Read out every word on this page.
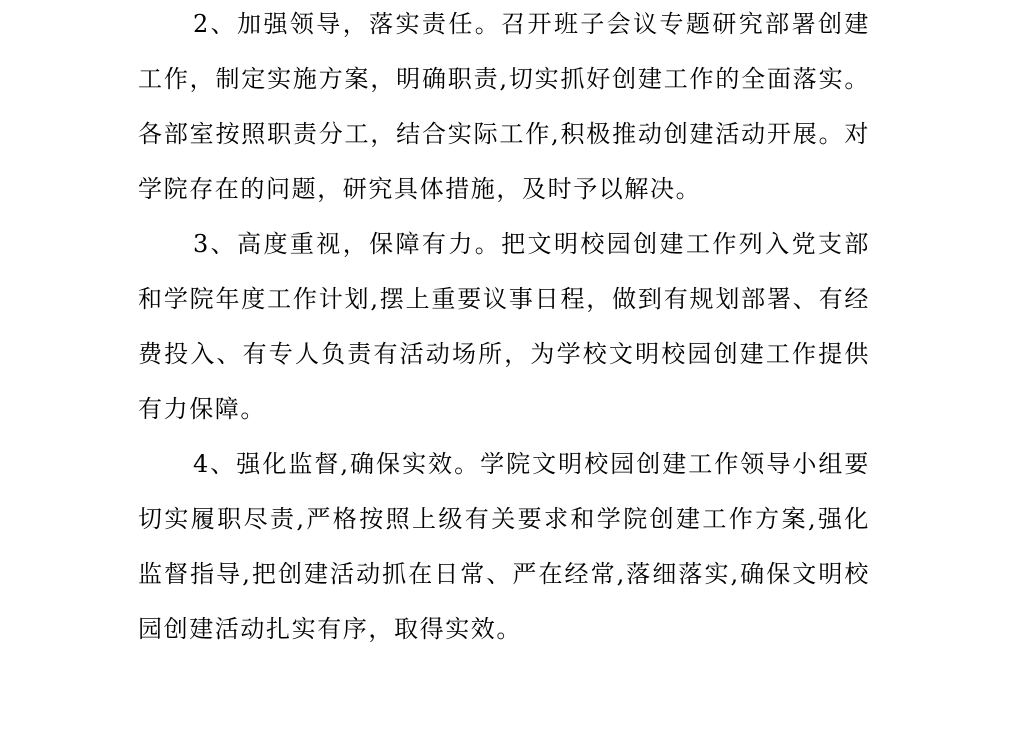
2、加强领导，落实责任。召开班子会议专题研究部署创建工作，制定实施方案，明确职责,切实抓好创建工作的全面落实。各部室按照职责分工，结合实际工作,积极推动创建活动开展。对学院存在的问题，研究具体措施，及时予以解决。

3、高度重视，保障有力。把文明校园创建工作列入党支部和学院年度工作计划,摆上重要议事日程，做到有规划部署、有经费投入、有专人负责有活动场所，为学校文明校园创建工作提供有力保障。

4、强化监督,确保实效。学院文明校园创建工作领导小组要切实履职尽责,严格按照上级有关要求和学院创建工作方案,强化监督指导,把创建活动抓在日常、严在经常,落细落实,确保文明校园创建活动扎实有序，取得实效。
